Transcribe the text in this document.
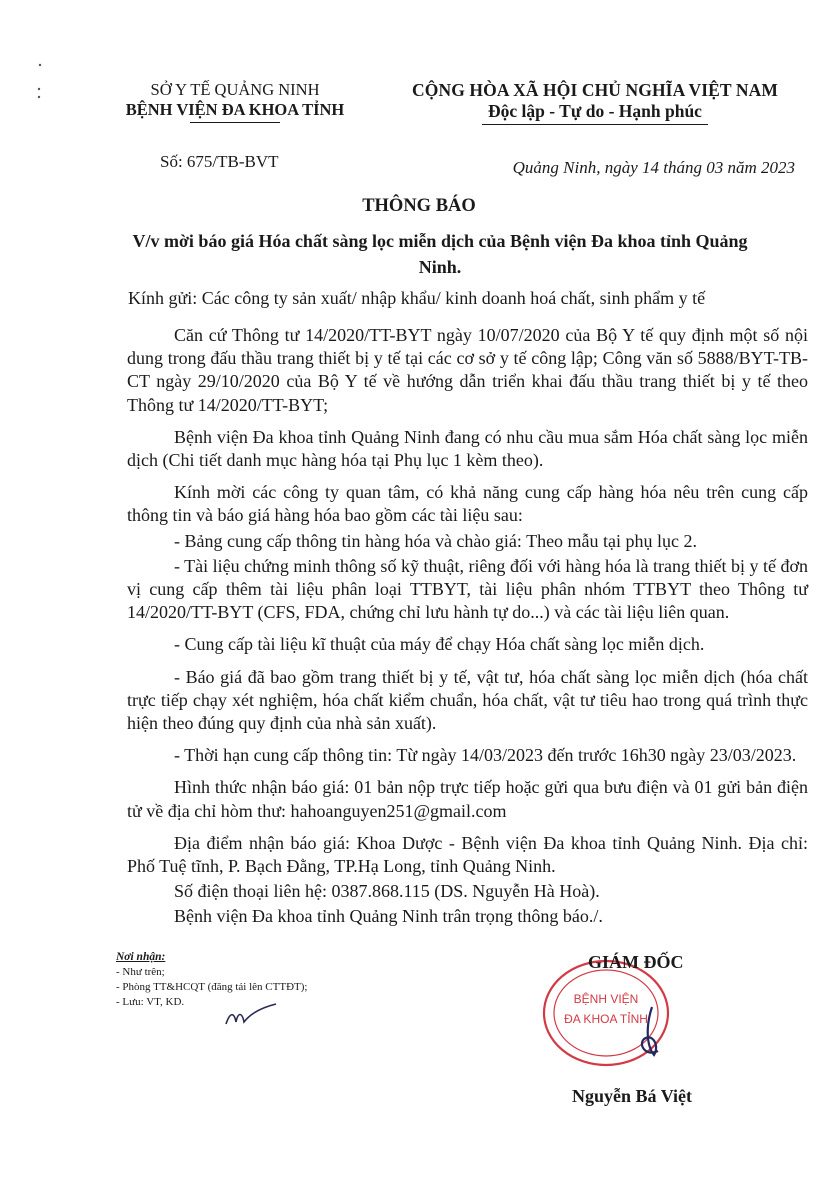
SỞ Y TẾ QUẢNG NINH
BỆNH VIỆN ĐA KHOA TỈNH
CỘNG HÒA XÃ HỘI CHỦ NGHĨA VIỆT NAM
Độc lập - Tự do - Hạnh phúc
Số: 675/TB-BVT	Quảng Ninh, ngày 14 tháng 03 năm 2023
THÔNG BÁO
V/v mời báo giá Hóa chất sàng lọc miễn dịch của Bệnh viện Đa khoa tỉnh Quảng Ninh.
Kính gửi: Các công ty sản xuất/ nhập khẩu/ kinh doanh hoá chất, sinh phẩm y tế

Căn cứ Thông tư 14/2020/TT-BYT ngày 10/07/2020 của Bộ Y tế quy định một số nội dung trong đấu thầu trang thiết bị y tế tại các cơ sở y tế công lập; Công văn số 5888/BYT-TB-CT ngày 29/10/2020 của Bộ Y tế về hướng dẫn triển khai đấu thầu trang thiết bị y tế theo Thông tư 14/2020/TT-BYT;

Bệnh viện Đa khoa tỉnh Quảng Ninh đang có nhu cầu mua sắm Hóa chất sàng lọc miễn dịch (Chi tiết danh mục hàng hóa tại Phụ lục 1 kèm theo).

Kính mời các công ty quan tâm, có khả năng cung cấp hàng hóa nêu trên cung cấp thông tin và báo giá hàng hóa bao gồm các tài liệu sau:

- Bảng cung cấp thông tin hàng hóa và chào giá: Theo mẫu tại phụ lục 2.

- Tài liệu chứng minh thông số kỹ thuật, riêng đối với hàng hóa là trang thiết bị y tế đơn vị cung cấp thêm tài liệu phân loại TTBYT, tài liệu phân nhóm TTBYT theo Thông tư 14/2020/TT-BYT (CFS, FDA, chứng chỉ lưu hành tự do...) và các tài liệu liên quan.

- Cung cấp tài liệu kĩ thuật của máy để chạy Hóa chất sàng lọc miễn dịch.

- Báo giá đã bao gồm trang thiết bị y tế, vật tư, hóa chất sàng lọc miễn dịch (hóa chất trực tiếp chạy xét nghiệm, hóa chất kiểm chuẩn, hóa chất, vật tư tiêu hao trong quá trình thực hiện theo đúng quy định của nhà sản xuất).

- Thời hạn cung cấp thông tin: Từ ngày 14/03/2023 đến trước 16h30 ngày 23/03/2023.

Hình thức nhận báo giá: 01 bản nộp trực tiếp hoặc gửi qua bưu điện và 01 gửi bản điện tử về địa chỉ hòm thư: hahoanguyen251@gmail.com

Địa điểm nhận báo giá: Khoa Dược - Bệnh viện Đa khoa tỉnh Quảng Ninh. Địa chỉ: Phố Tuệ tĩnh, P. Bạch Đằng, TP.Hạ Long, tỉnh Quảng Ninh.

Số điện thoại liên hệ: 0387.868.115 (DS. Nguyễn Hà Hoà).

Bệnh viện Đa khoa tỉnh Quảng Ninh trân trọng thông báo./.

Nơi nhận:
- Như trên;
- Phòng TT&HCQT (đăng tải lên CTTĐT);
- Lưu: VT, KD.	BỆNH VIỆN
ĐA KHOA TỈNH
GIÁM ĐỐC
Nguyễn Bá Việt
